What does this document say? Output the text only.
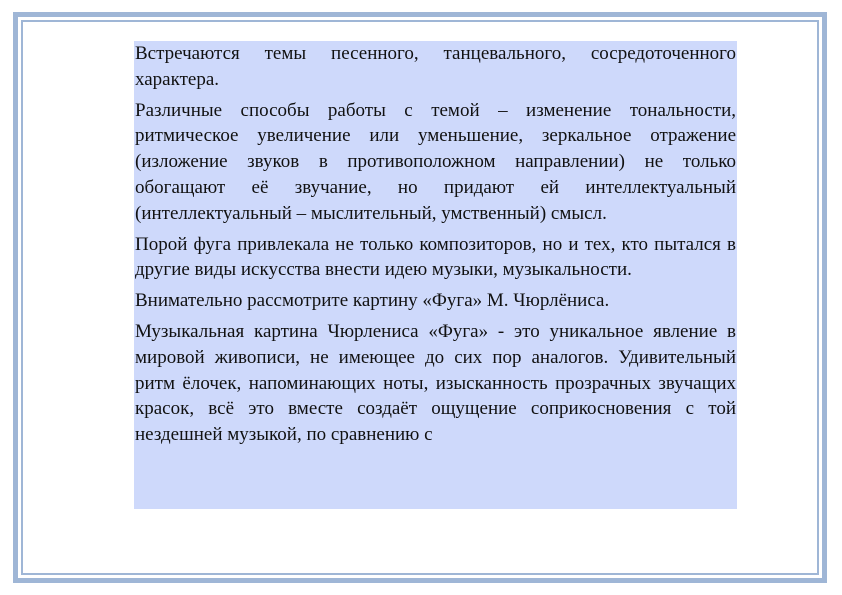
Встречаются темы песенного, танцевального, сосредоточенного характера.

Различные способы работы с темой – изменение тональности, ритмическое увеличение или уменьшение, зеркальное отражение (изложение звуков в противоположном направлении) не только обогащают её звучание, но придают ей интеллектуальный (интеллектуальный – мыслительный, умственный) смысл.

Порой фуга привлекала не только композиторов, но и тех, кто пытался в другие виды искусства внести идею музыки, музыкальности.

Внимательно рассмотрите картину «Фуга» М. Чюрлёниса.

Музыкальная картина Чюрлениса «Фуга» - это уникальное явление в мировой живописи, не имеющее до сих пор аналогов. Удивительный ритм ёлочек, напоминающих ноты, изысканность прозрачных звучащих красок, всё это вместе создаёт ощущение соприкосновения с той нездешней музыкой, по сравнению с
